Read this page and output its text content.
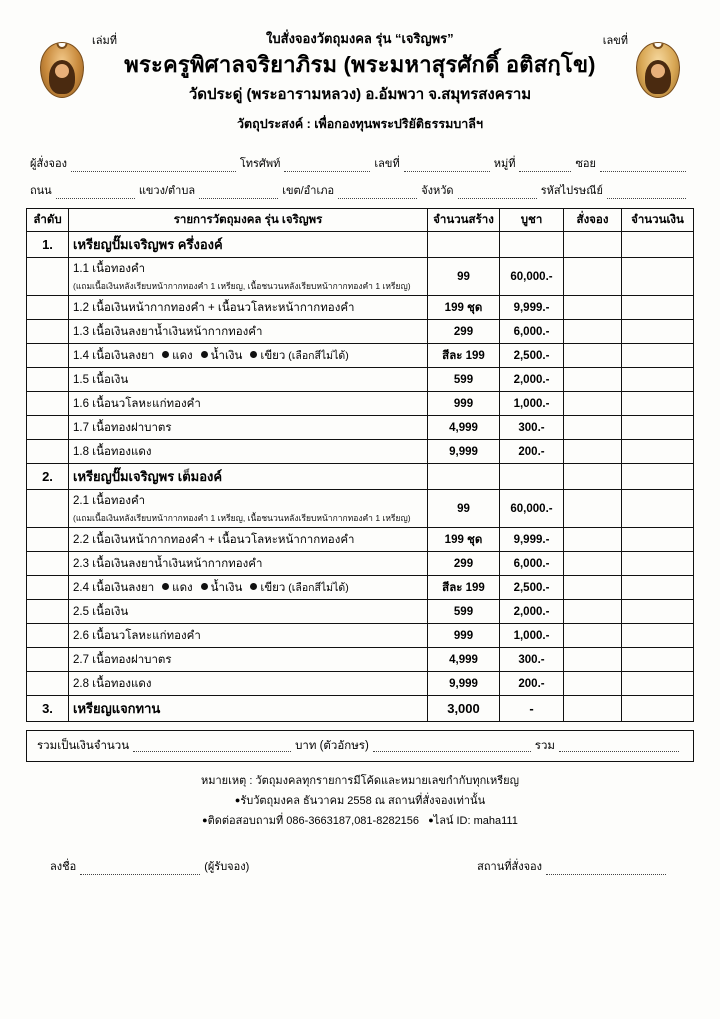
เล่มที่	ใบสั่งจองวัตถุมงคล รุ่น “เจริญพร”	เลขที่
พระครูพิศาลจริยาภิรม (พระมหาสุรศักดิ์ อติสกฺโข)
วัดประดู่ (พระอารามหลวง) อ.อัมพวา จ.สมุทรสงคราม
วัตถุประสงค์ : เพื่อกองทุนพระปริยัติธรรมบาลีฯ
ผู้สั่งจอง	โทรศัพท์	เลขที่	หมู่ที่	ซอย
ถนน	แขวง/ตำบล	เขต/อำเภอ	จังหวัด	รหัสไปรษณีย์
ลำดับ	รายการวัตถุมงคล รุ่น เจริญพร	จำนวนสร้าง	บูชา	สั่งจอง	จำนวนเงิน
1.	เหรียญปั๊มเจริญพร ครึ่งองค์				
	1.1 เนื้อทองคำ
(แถมเนื้อเงินหลังเรียบหน้ากากทองคำ 1 เหรียญ, เนื้อชนวนหลังเรียบหน้ากากทองคำ 1 เหรียญ)	99	60,000.-		
	1.2 เนื้อเงินหน้ากากทองคำ + เนื้อนวโลหะหน้ากากทองคำ	199 ชุด	9,999.-		
	1.3 เนื้อเงินลงยาน้ำเงินหน้ากากทองคำ	299	6,000.-		
	1.4 เนื้อเงินลงยา แดง น้ำเงิน เขียว (เลือกสีไม่ได้)	สีละ 199	2,500.-		
	1.5 เนื้อเงิน	599	2,000.-		
	1.6 เนื้อนวโลหะแก่ทองคำ	999	1,000.-		
	1.7 เนื้อทองฝาบาตร	4,999	300.-		
	1.8 เนื้อทองแดง	9,999	200.-		
2.	เหรียญปั๊มเจริญพร เต็มองค์				
	2.1 เนื้อทองคำ
(แถมเนื้อเงินหลังเรียบหน้ากากทองคำ 1 เหรียญ, เนื้อชนวนหลังเรียบหน้ากากทองคำ 1 เหรียญ)	99	60,000.-		
	2.2 เนื้อเงินหน้ากากทองคำ + เนื้อนวโลหะหน้ากากทองคำ	199 ชุด	9,999.-		
	2.3 เนื้อเงินลงยาน้ำเงินหน้ากากทองคำ	299	6,000.-		
	2.4 เนื้อเงินลงยา แดง น้ำเงิน เขียว (เลือกสีไม่ได้)	สีละ 199	2,500.-		
	2.5 เนื้อเงิน	599	2,000.-		
	2.6 เนื้อนวโลหะแก่ทองคำ	999	1,000.-		
	2.7 เนื้อทองฝาบาตร	4,999	300.-		
	2.8 เนื้อทองแดง	9,999	200.-		
3.	เหรียญแจกทาน	3,000	-		
รวมเป็นเงินจำนวน	บาท (ตัวอักษร)	รวม
หมายเหตุ : วัตถุมงคลทุกรายการมีโค้ดและหมายเลขกำกับทุกเหรียญ
●รับวัตถุมงคล ธันวาคม 2558 ณ สถานที่สั่งจองเท่านั้น
●ติดต่อสอบถามที่ 086-3663187,081-8282156 ●ไลน์ ID: maha111
ลงชื่อ	(ผู้รับจอง)	สถานที่สั่งจอง
